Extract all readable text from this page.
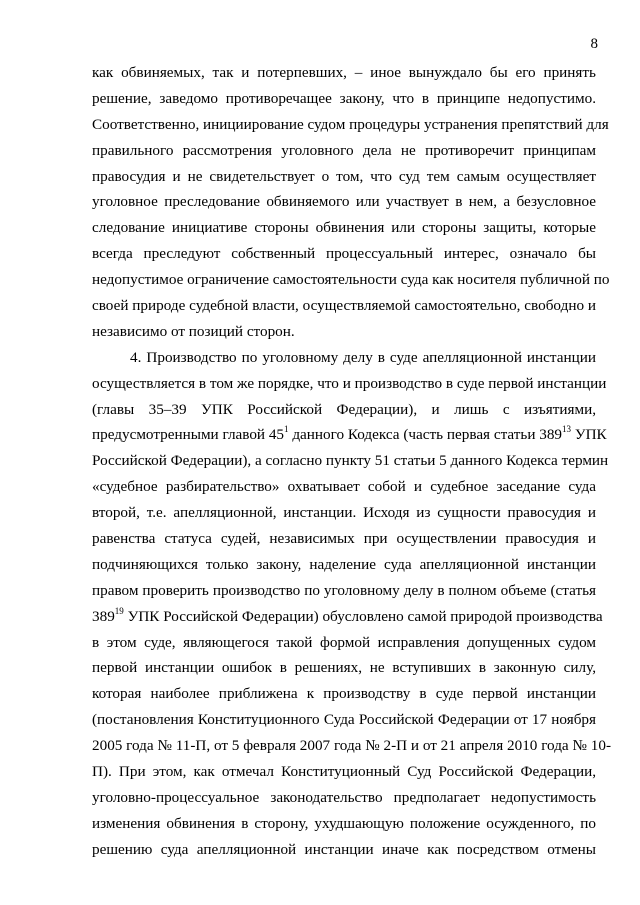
8
как обвиняемых, так и потерпевших, – иное вынуждало бы его принять
решение, заведомо противоречащее закону, что в принципе недопустимо.
Соответственно, инициирование судом процедуры устранения препятствий для
правильного рассмотрения уголовного дела не противоречит принципам
правосудия и не свидетельствует о том, что суд тем самым осуществляет
уголовное преследование обвиняемого или участвует в нем, а безусловное
следование инициативе стороны обвинения или стороны защиты, которые
всегда преследуют собственный процессуальный интерес, означало бы
недопустимое ограничение самостоятельности суда как носителя публичной по
своей природе судебной власти, осуществляемой самостоятельно, свободно и
независимо от позиций сторон.
4. Производство по уголовному делу в суде апелляционной инстанции
осуществляется в том же порядке, что и производство в суде первой инстанции
(главы 35–39 УПК Российской Федерации), и лишь с изъятиями,
предусмотренными главой $45^1$ данного Кодекса (часть первая статьи $389^{13}$ УПК
Российской Федерации), а согласно пункту 51 статьи 5 данного Кодекса термин
«судебное разбирательство» охватывает собой и судебное заседание суда
второй, т.е. апелляционной, инстанции. Исходя из сущности правосудия и
равенства статуса судей, независимых при осуществлении правосудия и
подчиняющихся только закону, наделение суда апелляционной инстанции
правом проверить производство по уголовному делу в полном объеме (статья
$389^{19}$ УПК Российской Федерации) обусловлено самой природой производства
в этом суде, являющегося такой формой исправления допущенных судом
первой инстанции ошибок в решениях, не вступивших в законную силу,
которая наиболее приближена к производству в суде первой инстанции
(постановления Конституционного Суда Российской Федерации от 17 ноября
2005 года № 11-П, от 5 февраля 2007 года № 2-П и от 21 апреля 2010 года № 10-
П). При этом, как отмечал Конституционный Суд Российской Федерации,
уголовно-процессуальное законодательство предполагает недопустимость
изменения обвинения в сторону, ухудшающую положение осужденного, по
решению суда апелляционной инстанции иначе как посредством отмены
